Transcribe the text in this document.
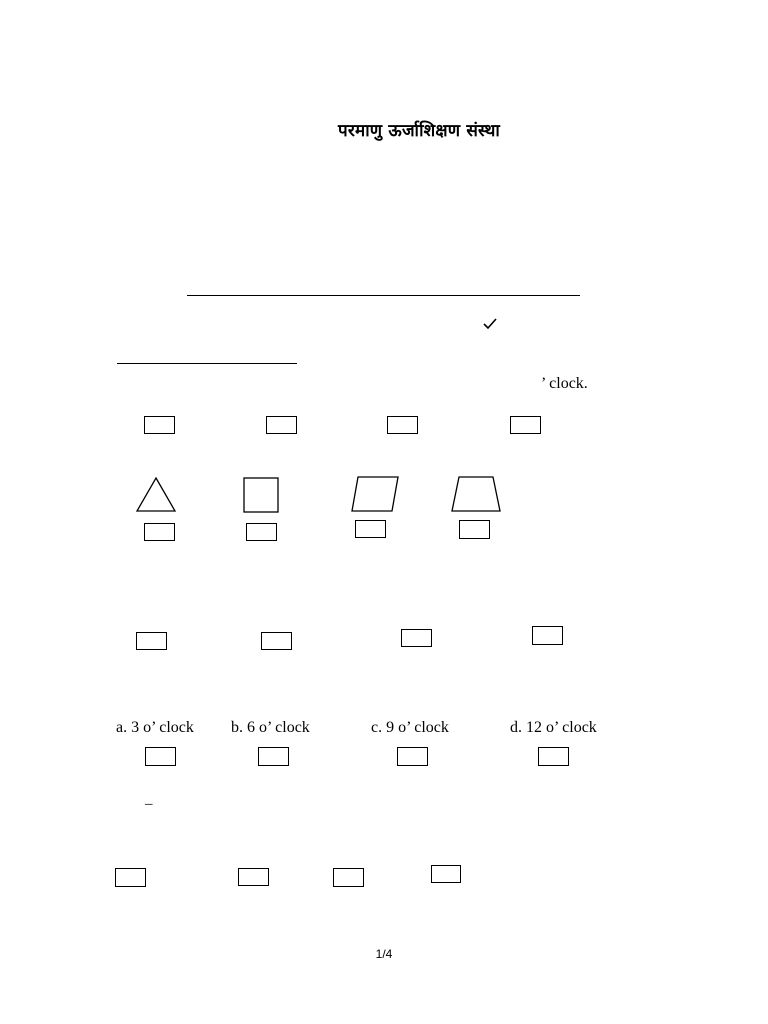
परमाणु ऊर्जाशिक्षण संस्था
’ clock.
a. 3 o’ clock b. 6 o’ clock	c. 9 o’ clock	d. 12 o’ clock
–
1/4
